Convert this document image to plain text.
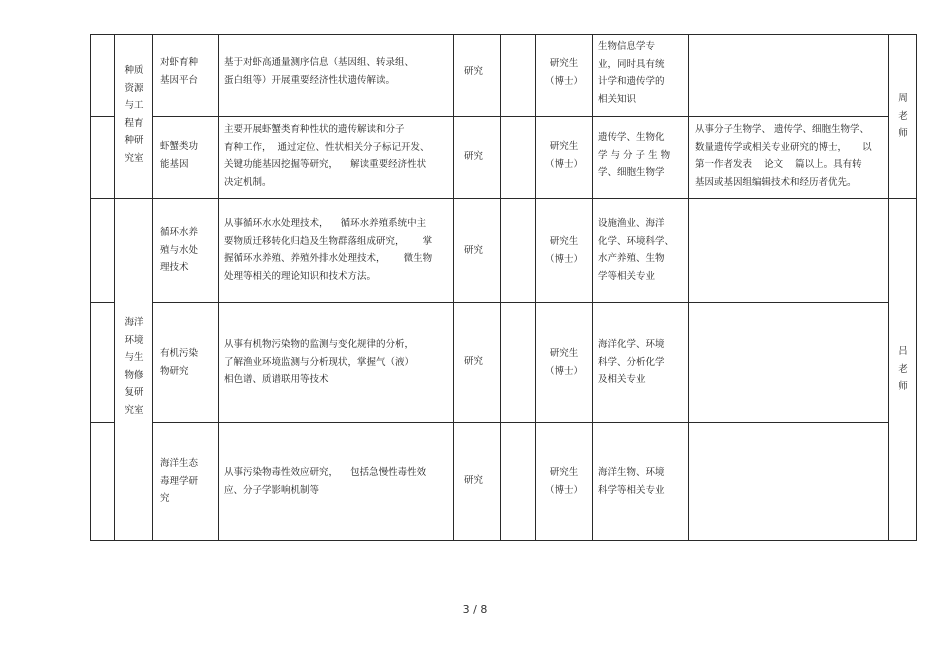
种质
资源
与工
程育
种研
究室
对虾育种
基因平台
基于对虾高通量测序信息（基因组、转录组、
蛋白组等）开展重要经济性状遗传解读。
研究
研究生
（博士）
生物信息学专
业，同时具有统
计学和遗传学的
相关知识	周
老
师
虾蟹类功
能基因
主要开展虾蟹类育种性状的遗传解读和分子
育种工作，  通过定位、性状相关分子标记开发、
关键功能基因挖掘等研究，    解读重要经济性状
决定机制。
研究
研究生
（博士）
遗传学、生物化
学 与 分 子 生 物
学、细胞生物学
从事分子生物学、 遗传学、细胞生物学、
数量遗传学或相关专业研究的博士，     以
第一作者发表    论文    篇以上。具有转
基因或基因组编辑技术和经历者优先。
海洋
环境
与生
物修
复研
究室
循环水养
殖与水处
理技术
从事循环水水处理技术，    循环水养殖系统中主
要物质迁移转化归趋及生物群落组成研究，      掌
握循环水养殖、养殖外排水处理技术，      微生物
处理等相关的理论知识和技术方法。
研究
研究生
（博士）
设施渔业、海洋
化学、环境科学、
水产养殖、生物
学等相关专业
吕
老
师
有机污染
物研究
从事有机物污染物的监测与变化规律的分析，
了解渔业环境监测与分析现状，掌握气（液）
相色谱、质谱联用等技术
研究
研究生
（博士）
海洋化学、环境
科学、分析化学
及相关专业
海洋生态
毒理学研
究
从事污染物毒性效应研究，    包括急慢性毒性效
应、分子学影响机制等
研究
研究生
（博士）
海洋生物、环境
科学等相关专业
3 / 8
